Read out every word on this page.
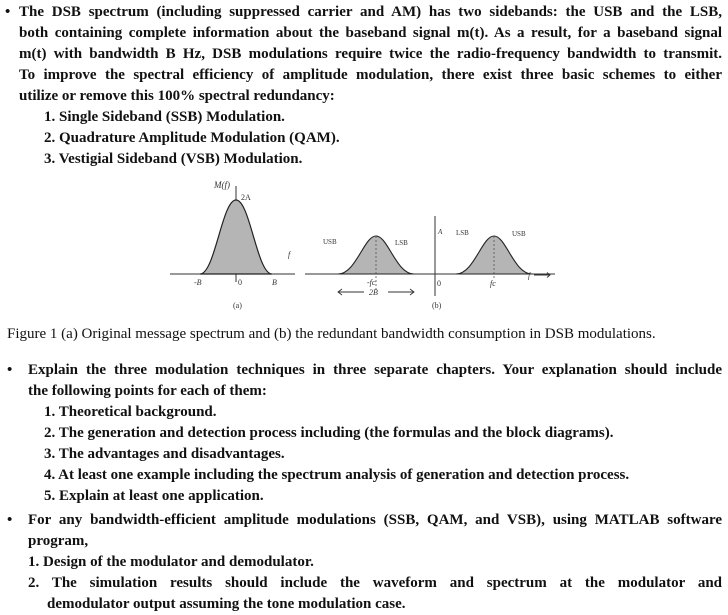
• The DSB spectrum (including suppressed carrier and AM) has two sidebands: the USB and the LSB,
both containing complete information about the baseband signal m(t). As a result, for a baseband signal
m(t) with bandwidth B Hz, DSB modulations require twice the radio-frequency bandwidth to transmit.
To improve the spectral efficiency of amplitude modulation, there exist three basic schemes to either
utilize or remove this 100% spectral redundancy:
1. Single Sideband (SSB) Modulation.
2. Quadrature Amplitude Modulation (QAM).
3. Vestigial Sideband (VSB) Modulation.
M(f)
2A
-B	0	B
f
(a)
A
USB	LSB
LSB	USB
-fc	0	fc
f
2B
(b)
Figure 1 (a) Original message spectrum and (b) the redundant bandwidth consumption in DSB modulations.
• Explain the three modulation techniques in three separate chapters. Your explanation should include
the following points for each of them:
1. Theoretical background.
2. The generation and detection process including (the formulas and the block diagrams).
3. The advantages and disadvantages.
4. At least one example including the spectrum analysis of generation and detection process.
5. Explain at least one application.
• For any bandwidth-efficient amplitude modulations (SSB, QAM, and VSB), using MATLAB software
program,
1. Design of the modulator and demodulator.
2. The simulation results should include the waveform and spectrum at the modulator and
demodulator output assuming the tone modulation case.
